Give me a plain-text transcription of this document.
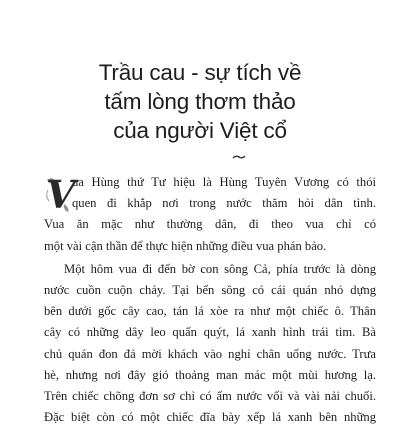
Trầu cau - sự tích về
tấm lòng thơm thảo
của người Việt cổ
V

ua Hùng thứ Tư hiệu là Hùng Tuyên Vương có thói
quen đi khắp nơi trong nước thăm hỏi dân tình.
Vua ăn mặc như thường dân, đi theo vua chỉ có
một vài cận thần để thực hiện những điều vua phán bảo.

Một hôm vua đi đến bờ con sông Cả, phía trước là dòng
nước cuồn cuộn chảy. Tại bến sông có cái quán nhỏ dựng
bên dưới gốc cây cao, tán lá xòe ra như một chiếc ô. Thân
cây có những dây leo quấn quýt, lá xanh hình trái tim. Bà
chủ quán đon đả mời khách vào nghỉ chân uống nước. Trưa
hè, nhưng nơi đây gió thoảng man mác một mùi hương lạ.
Trên chiếc chõng đơn sơ chỉ có ấm nước vối và vài nải chuối.
Đặc biệt còn có một chiếc đĩa bày xếp lá xanh bên những
